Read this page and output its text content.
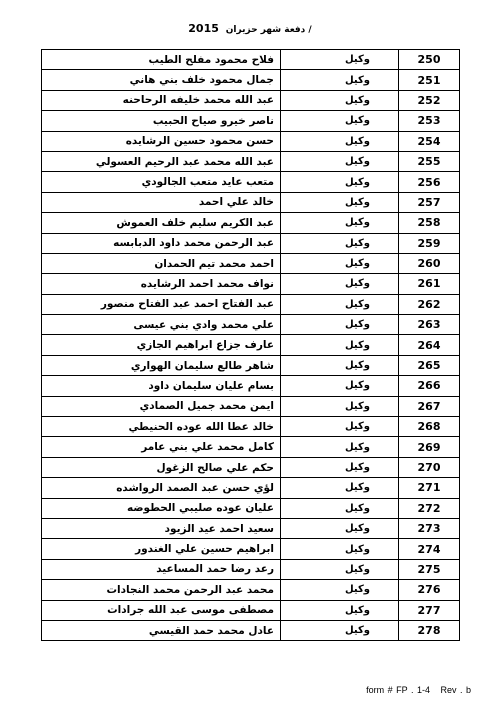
2015 دفعة شهر حزيران /
250	وكيل	فلاح محمود مفلح الطيب
251	وكيل	جمال محمود خلف بني هاني
252	وكيل	عبد الله محمد خليفه الرحاحنه
253	وكيل	ناصر خيرو صياح الحبيب
254	وكيل	حسن محمود حسين الرشايده
255	وكيل	عبد الله محمد عبد الرحيم العسولي
256	وكيل	متعب عايد متعب الجالودي
257	وكيل	خالد علي احمد
258	وكيل	عبد الكريم سليم خلف العموش
259	وكيل	عبد الرحمن محمد داود الدبابسه
260	وكيل	احمد محمد تيم الحمدان
261	وكيل	نواف محمد احمد الرشايده
262	وكيل	عبد الفتاح احمد عبد الفتاح منصور
263	وكيل	علي محمد وادي بني عيسى
264	وكيل	عارف جزاع ابراهيم الجازي
265	وكيل	شاهر طالع سليمان الهواري
266	وكيل	بسام عليان سليمان داود
267	وكيل	ايمن محمد جميل الصمادي
268	وكيل	خالد عطا الله عوده الحنيطي
269	وكيل	كامل محمد علي بني عامر
270	وكيل	حكم علي صالح الزغول
271	وكيل	لؤي حسن عبد الصمد الرواشده
272	وكيل	عليان عوده صليبي الحطوضه
273	وكيل	سعيد احمد عيد الزيود
274	وكيل	ابراهيم حسين علي الغندور
275	وكيل	رعد رضا حمد المساعيد
276	وكيل	محمد عبد الرحمن محمد النجادات
277	وكيل	مصطفى موسى عبد الله جرادات
278	وكيل	عادل محمد حمد القيسي
form # FP . 1-4 Rev . b
